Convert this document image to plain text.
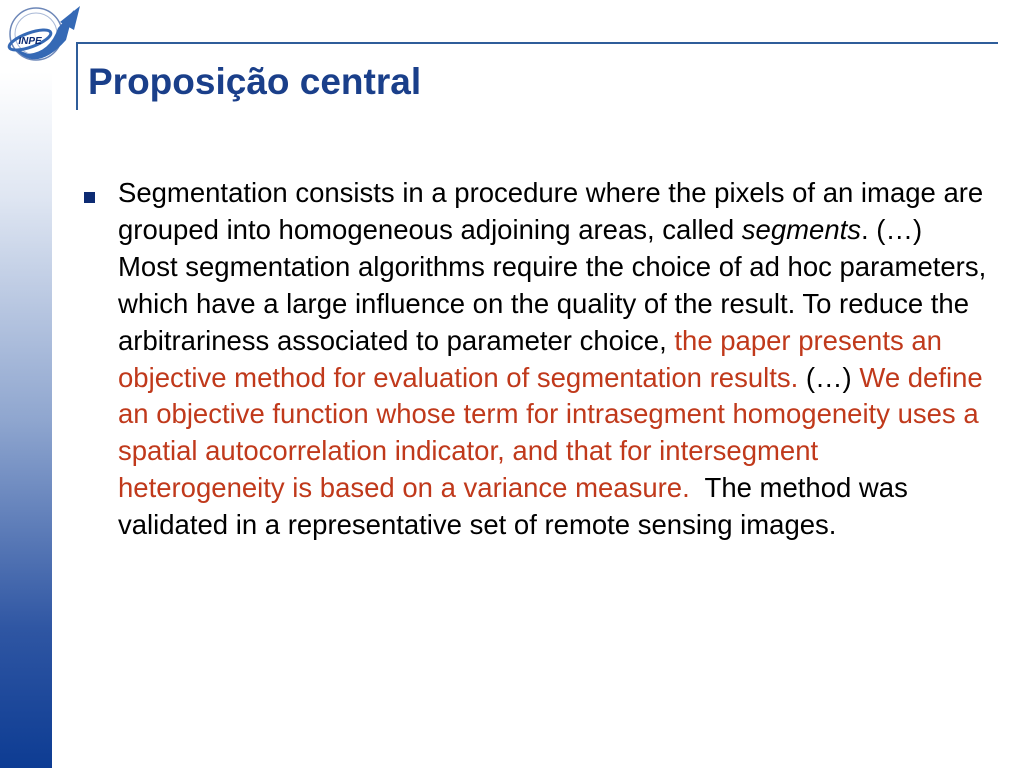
INPE
Proposição central

Segmentation consists in a procedure where the pixels of an image are grouped into homogeneous adjoining areas, called segments. (…) Most segmentation algorithms require the choice of ad hoc parameters, which have a large influence on the quality of the result. To reduce the arbitrariness associated to parameter choice, the paper presents an objective method for evaluation of segmentation results. (…) We define an objective function whose term for intrasegment homogeneity uses a spatial autocorrelation indicator, and that for intersegment heterogeneity is based on a variance measure.  The method was validated in a representative set of remote sensing images.
